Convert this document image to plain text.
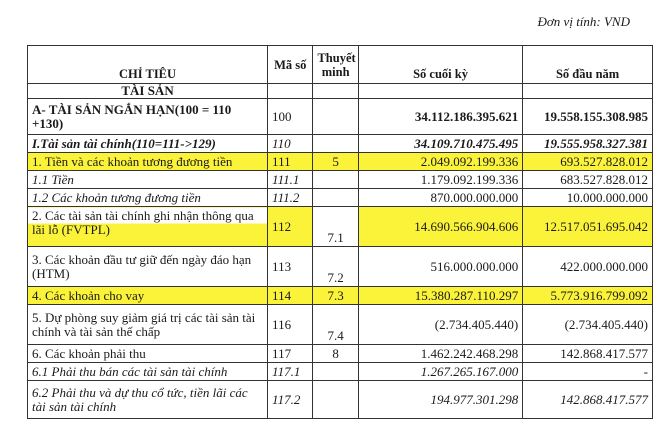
Đơn vị tính: VND
CHỈ TIÊU	Mã số	Thuyết minh	Số cuối kỳ	Số đầu năm
TÀI SẢN				
A- TÀI SẢN NGẮN HẠN(100 = 110 +130)	100		34.112.186.395.621	19.558.155.308.985
I.Tài sản tài chính(110=111->129)	110		34.109.710.475.495	19.555.958.327.381
1. Tiền và các khoản tương đương tiền	111	5	2.049.092.199.336	693.527.828.012
1.1 Tiền	111.1		1.179.092.199.336	683.527.828.012
1.2 Các khoản tương đương tiền	111.2		870.000.000.000	10.000.000.000
2. Các tài sản tài chính ghi nhận thông qua lãi lỗ (FVTPL)	112	7.1	14.690.566.904.606	12.517.051.695.042
3. Các khoản đầu tư giữ đến ngày đáo hạn (HTM)	113	7.2	516.000.000.000	422.000.000.000
4. Các khoản cho vay	114	7.3	15.380.287.110.297	5.773.916.799.092
5. Dự phòng suy giảm giá trị các tài sản tài chính và tài sản thế chấp	116	7.4	(2.734.405.440)	(2.734.405.440)
6. Các khoản phải thu	117	8	1.462.242.468.298	142.868.417.577
6.1 Phải thu bán các tài sản tài chính	117.1		1.267.265.167.000	-
6.2 Phải thu và dự thu cổ tức, tiền lãi các tài sản tài chính	117.2		194.977.301.298	142.868.417.577
